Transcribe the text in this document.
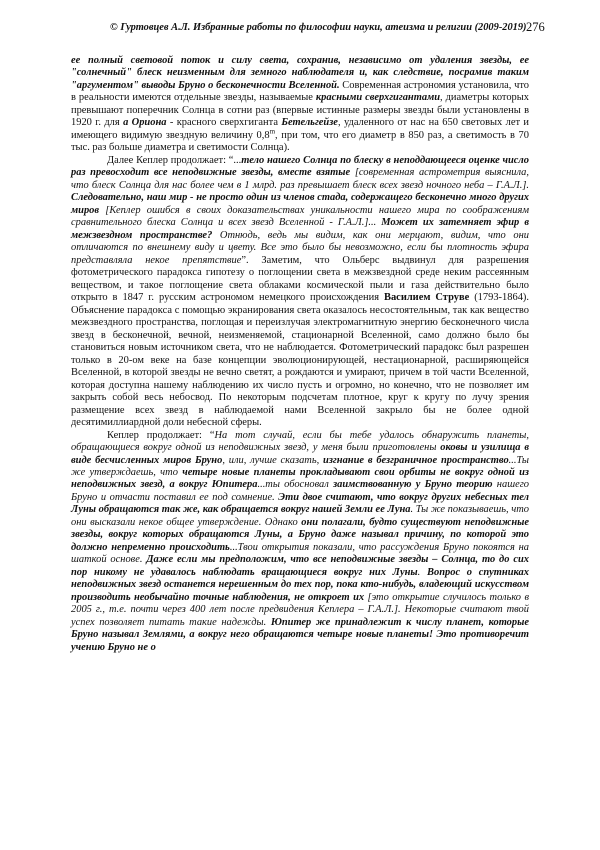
© Гуртовцев А.Л. Избранные работы по философии науки, атеизма и религии (2009-2019) 276

ее полный световой поток и силу света, сохранив, независимо от удаления звезды, ее "солнечный" блеск неизменным для земного наблюдателя и, как следствие, посрамив таким "аргументом" выводы Бруно о бесконечности Вселенной. Современная астрономия установила, что в реальности имеются отдельные звезды, называемые красными сверхгигантами, диаметры которых превышают поперечник Солнца в сотни раз (впервые истинные размеры звезды были установлены в 1920 г. для а Ориона - красного сверхгиганта Бетельгейзе, удаленного от нас на 650 световых лет и имеющего видимую звездную величину 0,8$^m$, при том, что его диаметр в 850 раз, а светимость в 70 тыс. раз больше диаметра и светимости Солнца).

Далее Кеплер продолжает: “...тело нашего Солнца по блеску в неподдающееся оценке число раз превосходит все неподвижные звезды, вместе взятые [современная астрометрия выяснила, что блеск Солнца для нас более чем в 1 млрд. раз превышает блеск всех звезд ночного неба – Г.А.Л.]. Следовательно, наш мир - не просто один из членов стада, содержащего бесконечно много других миров [Кеплер ошибся в своих доказательствах уникальности нашего мира по соображениям сравнительного блеска Солнца и всех звезд Вселенной - Г.А.Л.]... Может их затемняет эфир в межзвездном пространстве? Отнюдь, ведь мы видим, как они мерцают, видим, что они отличаются по внешнему виду и цвету. Все это было бы невозможно, если бы плотность эфира представляла некое препятствие”. Заметим, что Ольберс выдвинул для разрешения фотометрического парадокса гипотезу о поглощении света в межзвездной среде неким рассеянным веществом, и такое поглощение света облаками космической пыли и газа действительно было открыто в 1847 г. русским астрономом немецкого происхождения Василием Струве (1793-1864). Объяснение парадокса с помощью экранирования света оказалось несостоятельным, так как вещество межзвездного пространства, поглощая и переизлучая электромагнитную энергию бесконечного числа звезд в бесконечной, вечной, неизменяемой, стационарной Вселенной, само должно было бы становиться новым источником света, что не наблюдается. Фотометрический парадокс был разрешен только в 20-ом веке на базе концепции эволюционирующей, нестационарной, расширяющейся Вселенной, в которой звезды не вечно светят, а рождаются и умирают, причем в той части Вселенной, которая доступна нашему наблюдению их число пусть и огромно, но конечно, что не позволяет им закрыть собой весь небосвод. По некоторым подсчетам плотное, круг к кругу по лучу зрения размещение всех звезд в наблюдаемой нами Вселенной закрыло бы не более одной десятимиллиардной доли небесной сферы.

Кеплер продолжает: “На тот случай, если бы тебе удалось обнаружить планеты, обращающиеся вокруг одной из неподвижных звезд, у меня были приготовлены оковы и узилища в виде бесчисленных миров Бруно, или, лучше сказать, изгнание в безграничное пространство...Ты же утверждаешь, что четыре новые планеты прокладывают свои орбиты не вокруг одной из неподвижных звезд, а вокруг Юпитера...ты обосновал заимствованную у Бруно теорию нашего Бруно и отчасти поставил ее под сомнение. Эти двое считают, что вокруг других небесных тел Луны обращаются так же, как обращается вокруг нашей Земли ее Луна. Ты же показываешь, что они высказали некое общее утверждение. Однако они полагали, будто существуют неподвижные звезды, вокруг которых обращаются Луны, а Бруно даже называл причину, по которой это должно непременно происходить...Твои открытия показали, что рассуждения Бруно покоятся на шаткой основе. Даже если мы предположим, что все неподвижные звезды – Солнца, то до сих пор никому не удавалось наблюдать вращающиеся вокруг них Луны. Вопрос о спутниках неподвижных звезд останется нерешенным до тех пор, пока кто-нибудь, владеющий искусством производить необычайно точные наблюдения, не откроет их [это открытие случилось только в 2005 г., т.е. почти через 400 лет после предвидения Кеплера – Г.А.Л.]. Некоторые считают твой успех позволяет питать такие надежды. Юпитер же принадлежит к числу планет, которые Бруно называл Землями, а вокруг него обращаются четыре новые планеты! Это противоречит учению Бруно не о
